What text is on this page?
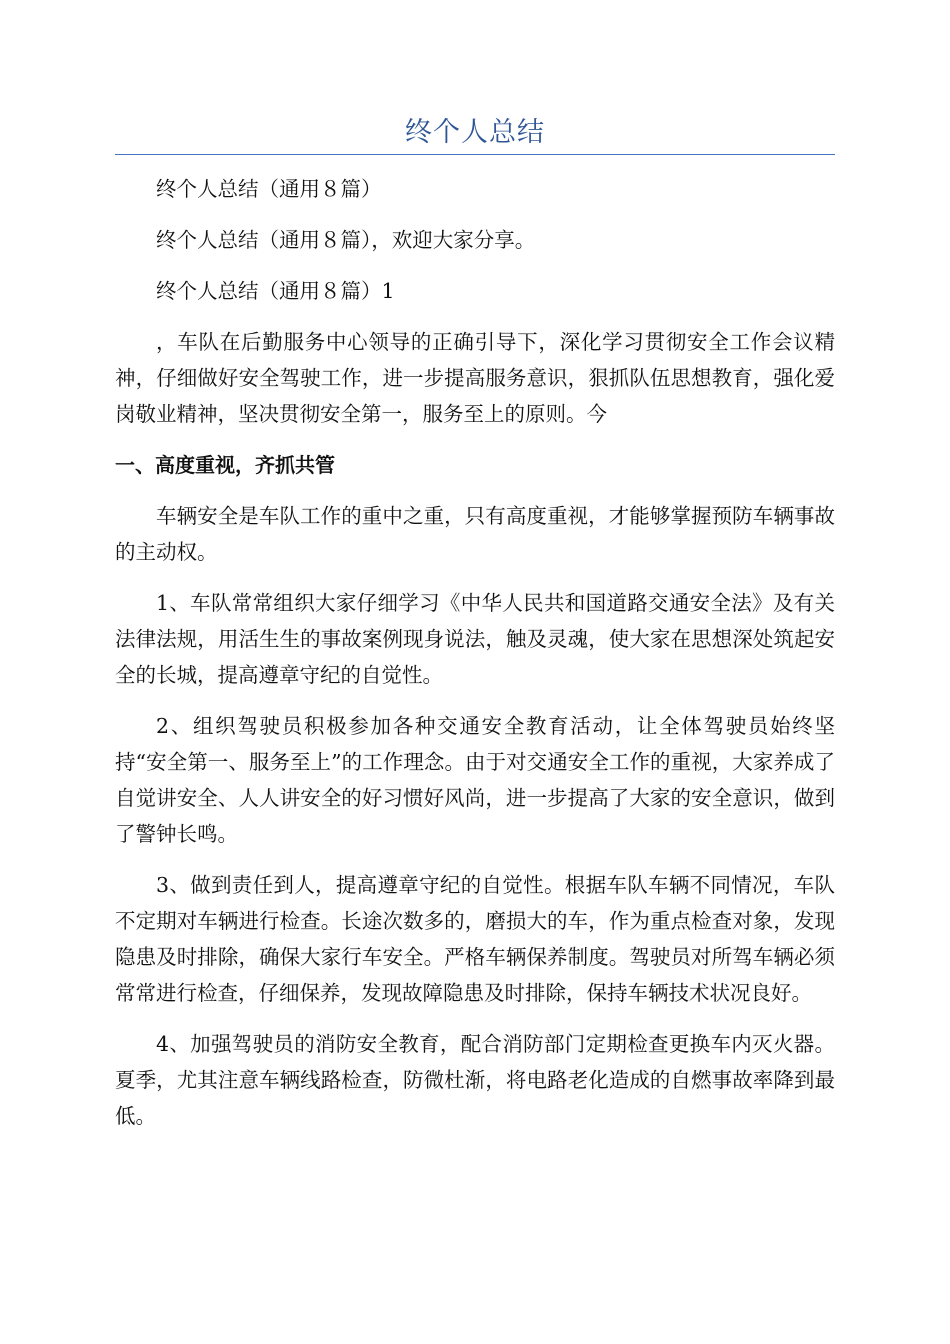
终个人总结

终个人总结（通用８篇）

终个人总结（通用８篇），欢迎大家分享。

终个人总结（通用８篇）1

，车队在后勤服务中心领导的正确引导下，深化学习贯彻安全工作会议精神，仔细做好安全驾驶工作，进一步提高服务意识，狠抓队伍思想教育，强化爱岗敬业精神，坚决贯彻安全第一，服务至上的原则。今

一、高度重视，齐抓共管

车辆安全是车队工作的重中之重，只有高度重视，才能够掌握预防车辆事故的主动权。

1、车队常常组织大家仔细学习《中华人民共和国道路交通安全法》及有关法律法规，用活生生的事故案例现身说法，触及灵魂，使大家在思想深处筑起安全的长城，提高遵章守纪的自觉性。

2、组织驾驶员积极参加各种交通安全教育活动，让全体驾驶员始终坚持“安全第一、服务至上”的工作理念。由于对交通安全工作的重视，大家养成了自觉讲安全、人人讲安全的好习惯好风尚，进一步提高了大家的安全意识，做到了警钟长鸣。

3、做到责任到人，提高遵章守纪的自觉性。根据车队车辆不同情况，车队不定期对车辆进行检查。长途次数多的，磨损大的车，作为重点检查对象，发现隐患及时排除，确保大家行车安全。严格车辆保养制度。驾驶员对所驾车辆必须常常进行检查，仔细保养，发现故障隐患及时排除，保持车辆技术状况良好。

4、加强驾驶员的消防安全教育，配合消防部门定期检查更换车内灭火器。夏季，尤其注意车辆线路检查，防微杜渐，将电路老化造成的自燃事故率降到最低。
